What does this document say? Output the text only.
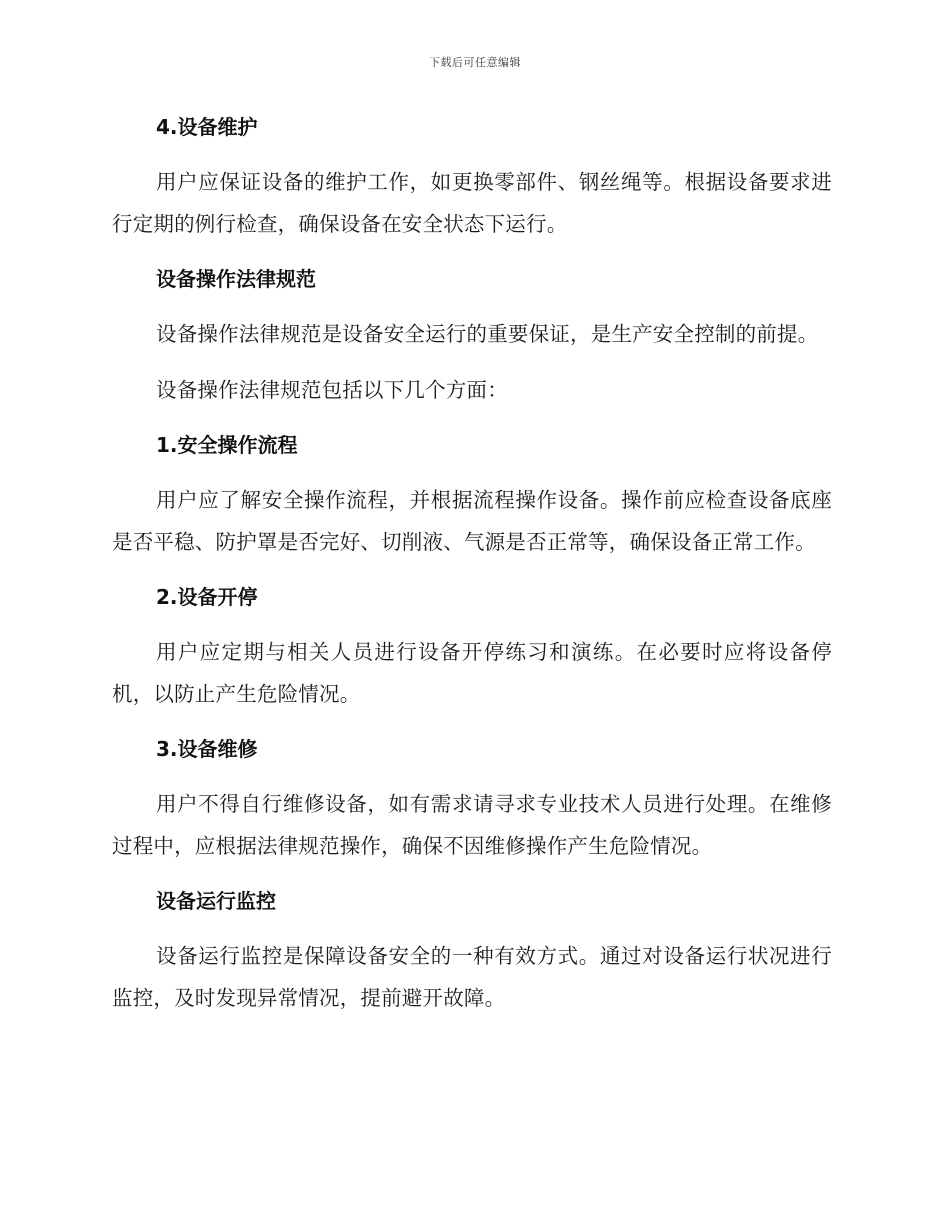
下载后可任意编辑
4.设备维护

用户应保证设备的维护工作，如更换零部件、钢丝绳等。根据设备要求进行定期的例行检查，确保设备在安全状态下运行。

设备操作法律规范

设备操作法律规范是设备安全运行的重要保证，是生产安全控制的前提。

设备操作法律规范包括以下几个方面：

1.安全操作流程

用户应了解安全操作流程，并根据流程操作设备。操作前应检查设备底座是否平稳、防护罩是否完好、切削液、气源是否正常等，确保设备正常工作。

2.设备开停

用户应定期与相关人员进行设备开停练习和演练。在必要时应将设备停机，以防止产生危险情况。

3.设备维修

用户不得自行维修设备，如有需求请寻求专业技术人员进行处理。在维修过程中，应根据法律规范操作，确保不因维修操作产生危险情况。

设备运行监控

设备运行监控是保障设备安全的一种有效方式。通过对设备运行状况进行监控，及时发现异常情况，提前避开故障。
